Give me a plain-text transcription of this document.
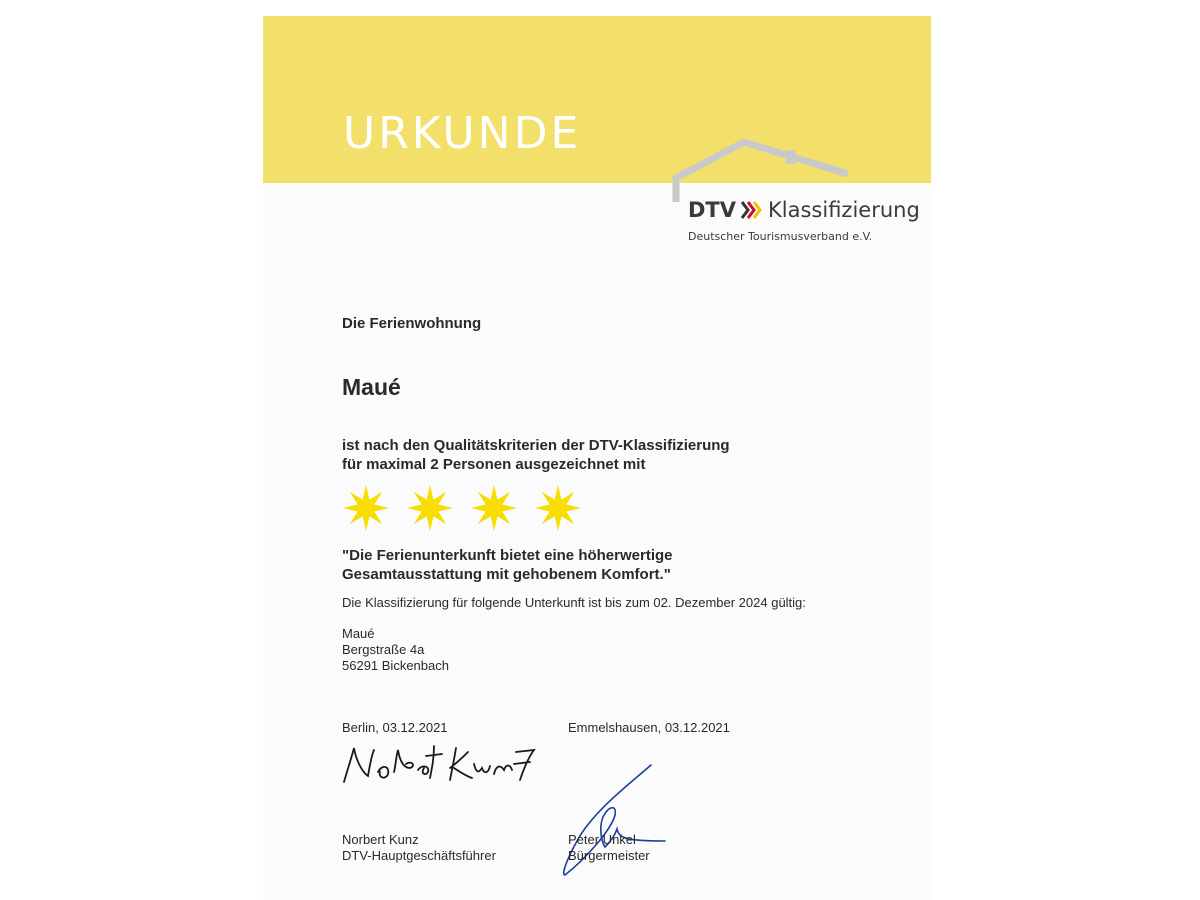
URKUNDE
DTV Klassifizierung
Deutscher Tourismusverband e.V.
Die Ferienwohnung
Maué
ist nach den Qualitätskriterien der DTV-Klassifizierung
für maximal 2 Personen ausgezeichnet mit
"Die Ferienunterkunft bietet eine höherwertige
Gesamtausstattung mit gehobenem Komfort."
Die Klassifizierung für folgende Unterkunft ist bis zum 02. Dezember 2024 gültig:
Maué
Bergstraße 4a
56291 Bickenbach
Berlin, 03.12.2021	Emmelshausen, 03.12.2021
Norbert Kunz
DTV-Hauptgeschäftsführer
Peter Unkel
Bürgermeister
